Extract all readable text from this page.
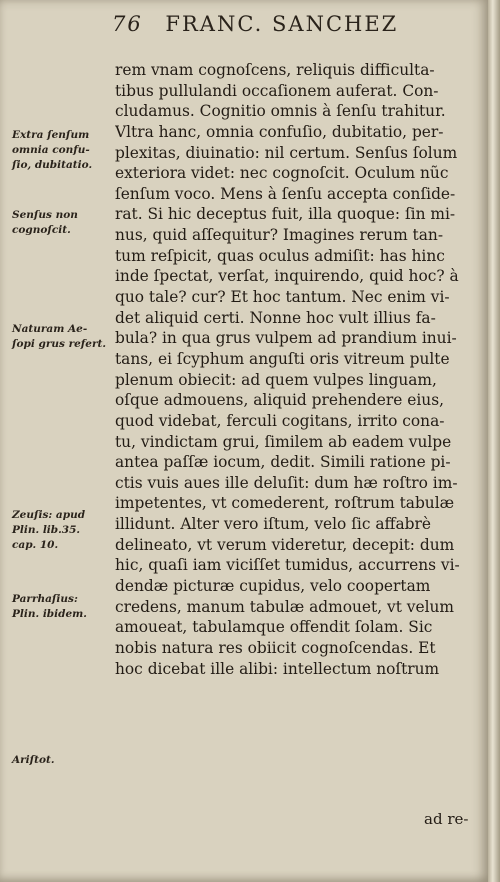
76 FRANC. SANCHEZ
rem vnam cognoſcens, reliquis difficulta-
tibus pullulandi occaſionem auferat. Con-
cludamus. Cognitio omnis à ſenſu trahitur.
Vltra hanc, omnia confuſio, dubitatio, per-
plexitas, diuinatio: nil certum. Senſus ſolum
exteriora videt: nec cognoſcit. Oculum nũc
ſenſum voco. Mens à ſenſu accepta conſide-
rat. Si hic deceptus fuit, illa quoque: ſin mi-
nus, quid aſſequitur? Imagines rerum tan-
tum reſpicit, quas oculus admiſit: has hinc
inde ſpectat, verſat, inquirendo, quid hoc? à
quo tale? cur? Et hoc tantum. Nec enim vi-
det aliquid certi. Nonne hoc vult illius fa-
bula? in qua grus vulpem ad prandium inui-
tans, ei ſcyphum anguſti oris vitreum pulte
plenum obiecit: ad quem vulpes linguam,
oſque admouens, aliquid prehendere eius,
quod videbat, ferculi cogitans, irrito cona-
tu, vindictam grui, ſimilem ab eadem vulpe
antea paſſæ iocum, dedit. Simili ratione pi-
ctis vuis aues ille deluſit: dum hæ roſtro im-
impetentes, vt comederent, roſtrum tabulæ
illidunt. Alter vero iſtum, velo ſic affabrè
delineato, vt verum videretur, decepit: dum
hic, quaſi iam viciſſet tumidus, accurrens vi-
dendæ picturæ cupidus, velo coopertam
credens, manum tabulæ admouet, vt velum
amoueat, tabulamque offendit ſolam. Sic
nobis natura res obiicit cognoſcendas. Et
hoc dicebat ille alibi: intellectum noſtrum
ad re-
Extra ſenſum
omnia confu-
ſio, dubitatio.
Senſus non
cognoſcit.
Naturam Ae-
ſopi grus refert.
Zeuſis: apud
Plin. lib.35.
cap. 10.
Parrhaſius:
Plin. ibidem.
Ariſtot.
